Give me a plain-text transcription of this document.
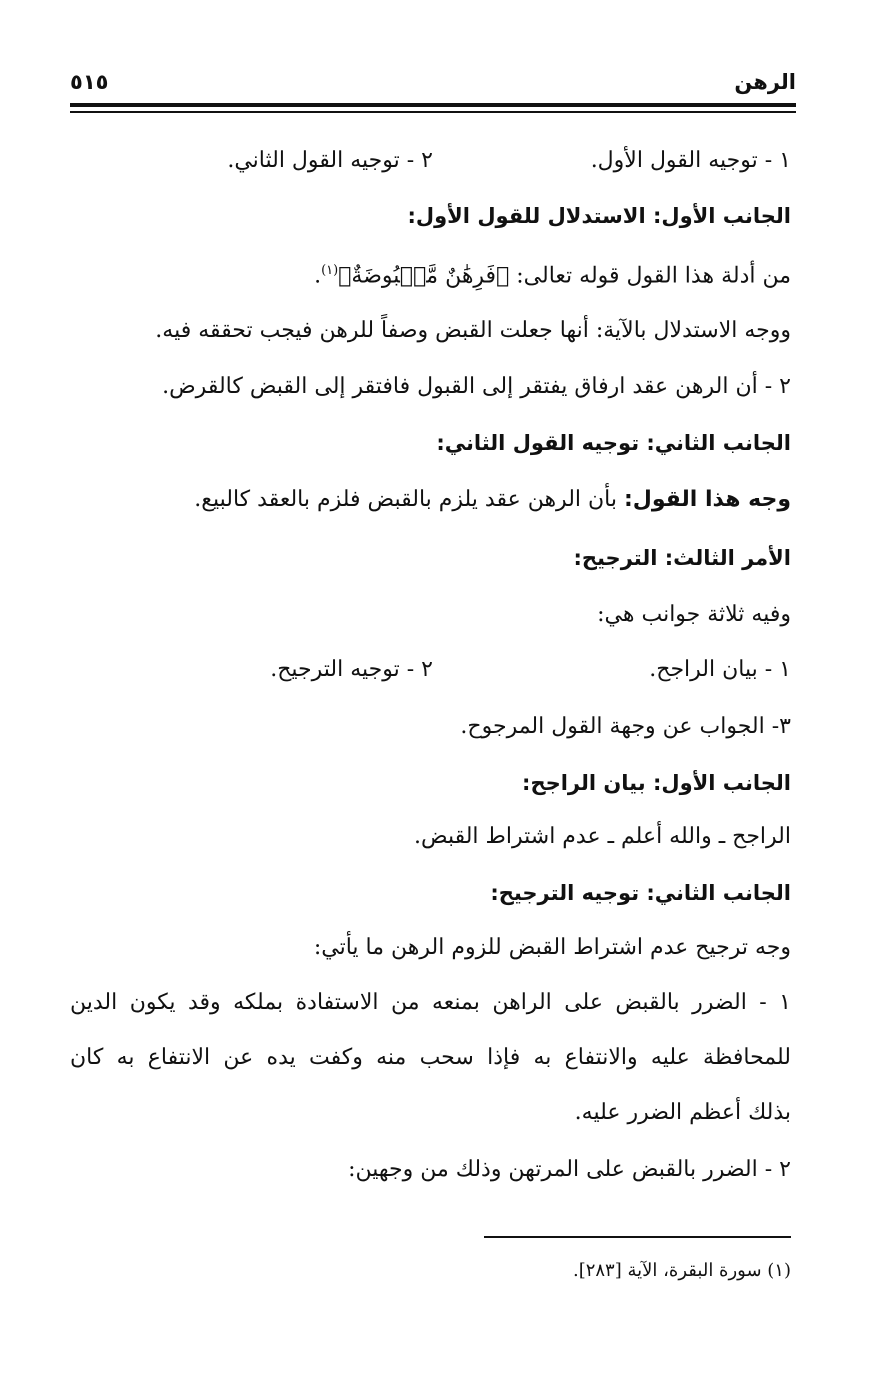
الرهن
٥١٥
١ - توجيه القول الأول.
٢ - توجيه القول الثاني.
الجانب الأول: الاستدلال للقول الأول:
من أدلة هذا القول قوله تعالى: ﴿فَرِهَٰنٌ مَّقۡبُوضَةٌ﴾$^{(١)}$.
ووجه الاستدلال بالآية: أنها جعلت القبض وصفاً للرهن فيجب تحققه فيه.
٢ - أن الرهن عقد ارفاق يفتقر إلى القبول فافتقر إلى القبض كالقرض.
الجانب الثاني: توجيه القول الثاني:
وجه هذا القول: بأن الرهن عقد يلزم بالقبض فلزم بالعقد كالبيع.
الأمر الثالث: الترجيح:
وفيه ثلاثة جوانب هي:
١ - بيان الراجح.
٢ - توجيه الترجيح.
٣- الجواب عن وجهة القول المرجوح.
الجانب الأول: بيان الراجح:
الراجح ـ والله أعلم ـ عدم اشتراط القبض.
الجانب الثاني: توجيه الترجيح:
وجه ترجيح عدم اشتراط القبض للزوم الرهن ما يأتي:
١ - الضرر بالقبض على الراهن بمنعه من الاستفادة بملكه وقد يكون الدين
للمحافظة عليه والانتفاع به فإذا سحب منه وكفت يده عن الانتفاع به كان
بذلك أعظم الضرر عليه.
٢ - الضرر بالقبض على المرتهن وذلك من وجهين:
(١) سورة البقرة، الآية [٢٨٣].
